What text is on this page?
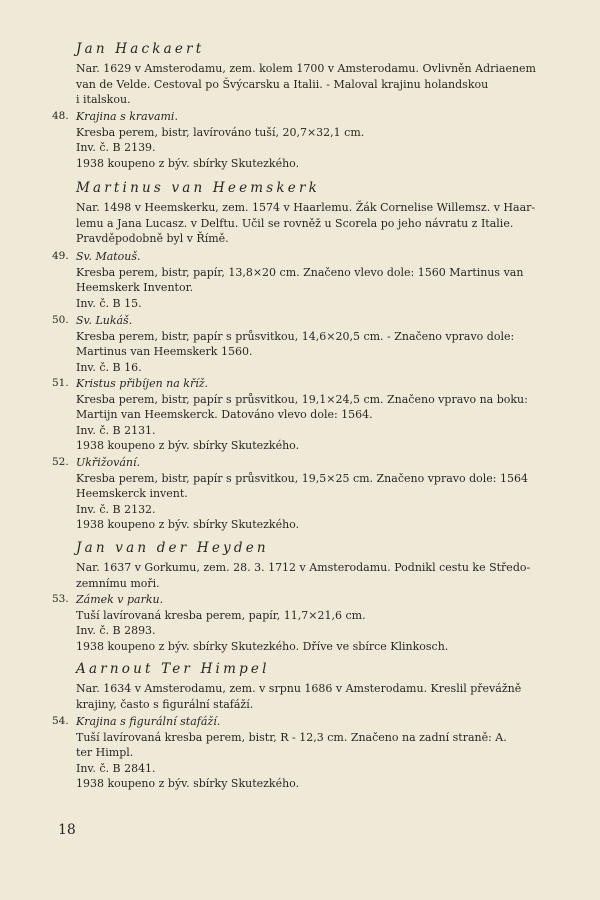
Jan Hackaert

Nar. 1629 v Amsterodamu, zem. kolem 1700 v Amsterodamu. Ovlivněn Adriaenem
van de Velde. Cestoval po Švýcarsku a Italii. - Maloval krajinu holandskou
i italskou.

48. Krajina s kravami.

Kresba perem, bistr, lavírováno tuší, 20,7×32,1 cm.

Inv. č. B 2139.

1938 koupeno z býv. sbírky Skutezkého.

Martinus van Heemskerk

Nar. 1498 v Heemskerku, zem. 1574 v Haarlemu. Žák Cornelise Willemsz. v Haar-
lemu a Jana Lucasz. v Delftu. Učil se rovněž u Scorela po jeho návratu z Italie.
Pravděpodobně byl v Římě.

49. Sv. Matouš.

Kresba perem, bistr, papír, 13,8×20 cm. Značeno vlevo dole: 1560 Martinus van

Heemskerk Inventor.

Inv. č. B 15.

50. Sv. Lukáš.

Kresba perem, bistr, papír s průsvitkou, 14,6×20,5 cm. - Značeno vpravo dole:

Martinus van Heemskerk 1560.

Inv. č. B 16.

51. Kristus přibíjen na kříž.

Kresba perem, bistr, papír s průsvitkou, 19,1×24,5 cm. Značeno vpravo na boku:

Martijn van Heemskerck. Datováno vlevo dole: 1564.

Inv. č. B 2131.

1938 koupeno z býv. sbírky Skutezkého.

52. Ukřižování.

Kresba perem, bistr, papír s průsvitkou, 19,5×25 cm. Značeno vpravo dole: 1564

Heemskerck invent.

Inv. č. B 2132.

1938 koupeno z býv. sbírky Skutezkého.

Jan van der Heyden

Nar. 1637 v Gorkumu, zem. 28. 3. 1712 v Amsterodamu. Podnikl cestu ke Středo-
zemnímu moři.

53. Zámek v parku.

Tuší lavírovaná kresba perem, papír, 11,7×21,6 cm.

Inv. č. B 2893.

1938 koupeno z býv. sbírky Skutezkého. Dříve ve sbírce Klinkosch.

Aarnout Ter Himpel

Nar. 1634 v Amsterodamu, zem. v srpnu 1686 v Amsterodamu. Kreslil převážně
krajiny, často s figurální stafáží.

54. Krajina s figurální stafáží.

Tuší lavírovaná kresba perem, bistr, R - 12,3 cm. Značeno na zadní straně: A.

ter Himpl.

Inv. č. B 2841.

1938 koupeno z býv. sbírky Skutezkého.

18
